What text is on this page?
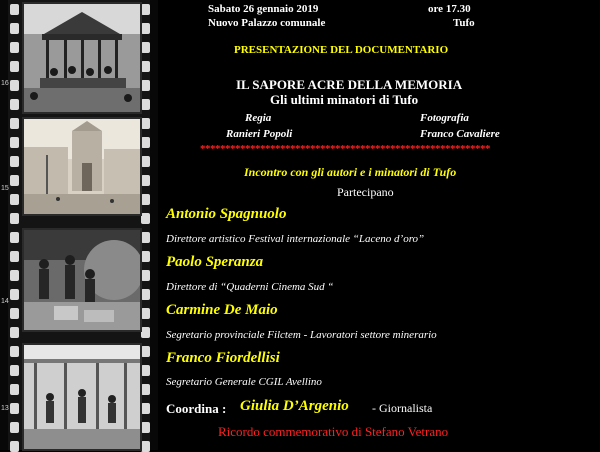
16
15
14
13
Sabato 26 gennaio 2019	ore 17.30
Nuovo Palazzo comunale	Tufo
PRESENTAZIONE DEL DOCUMENTARIO
IL SAPORE ACRE DELLA MEMORIA
Gli ultimi minatori di Tufo
Regia
Ranieri Popoli
Fotografia
Franco Cavaliere
**********************************************************
Incontro con gli autori e i minatori di Tufo
Partecipano
Antonio Spagnuolo
Direttore artistico Festival internazionale “Laceno d’oro”
Paolo Speranza
Direttore di “Quaderni Cinema Sud “
Carmine De Maio
Segretario provinciale Filctem - Lavoratori settore minerario
Franco Fiordellisi
Segretario Generale CGIL Avellino
Coordina : Giulia D’Argenio - Giornalista
Ricordo commemorativo di Stefano Vetrano
